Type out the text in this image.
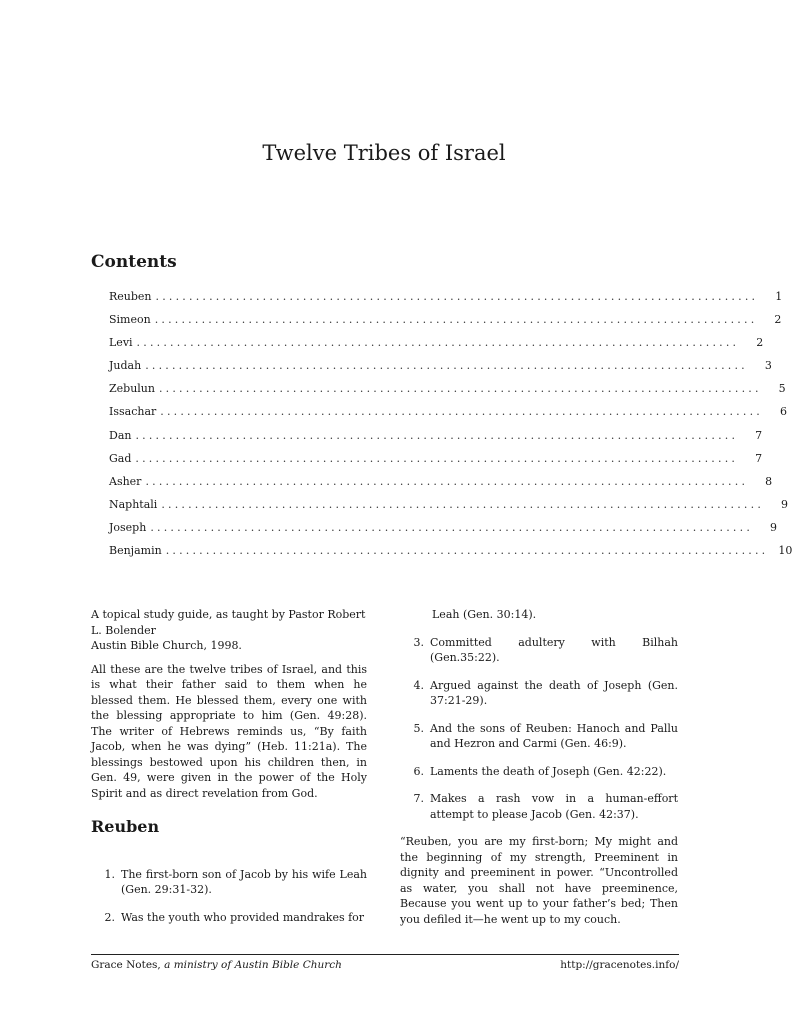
Twelve Tribes of Israel
Contents
Reuben ..........................................................................................	1
Simeon ..........................................................................................	2
Levi ..........................................................................................	2
Judah ..........................................................................................	3
Zebulun ..........................................................................................	5
Issachar ..........................................................................................	6
Dan ..........................................................................................	7
Gad ..........................................................................................	7
Asher ..........................................................................................	8
Naphtali ..........................................................................................	9
Joseph ..........................................................................................	9
Benjamin .......................................................................................... 10

A topical study guide, as taught by Pastor Robert L. Bolender
Austin Bible Church, 1998.

All these are the twelve tribes of Israel, and this is what their father said to them when he blessed them. He blessed them, every one with the blessing appropriate to him (Gen. 49:28). The writer of Hebrews reminds us, “By faith Jacob, when he was dying” (Heb. 11:21a). The blessings bestowed upon his children then, in Gen. 49, were given in the power of the Holy Spirit and as direct revelation from God.

Reuben
1. The first-born son of Jacob by his wife Leah (Gen. 29:31-32).
2. Was the youth who provided mandrakes for
Leah (Gen. 30:14).
3. Committed adultery with Bilhah (Gen.35:22).
4. Argued against the death of Joseph (Gen. 37:21-29).
5. And the sons of Reuben: Hanoch and Pallu and Hezron and Carmi (Gen. 46:9).
6. Laments the death of Joseph (Gen. 42:22).
7. Makes a rash vow in a human-effort attempt to please Jacob (Gen. 42:37).

“Reuben, you are my first-born; My might and the beginning of my strength, Preeminent in dignity and preeminent in power. “Uncontrolled as water, you shall not have preeminence, Because you went up to your father’s bed; Then you defiled it—he went up to my couch.

Grace Notes, a ministry of Austin Bible Church	http://gracenotes.info/
